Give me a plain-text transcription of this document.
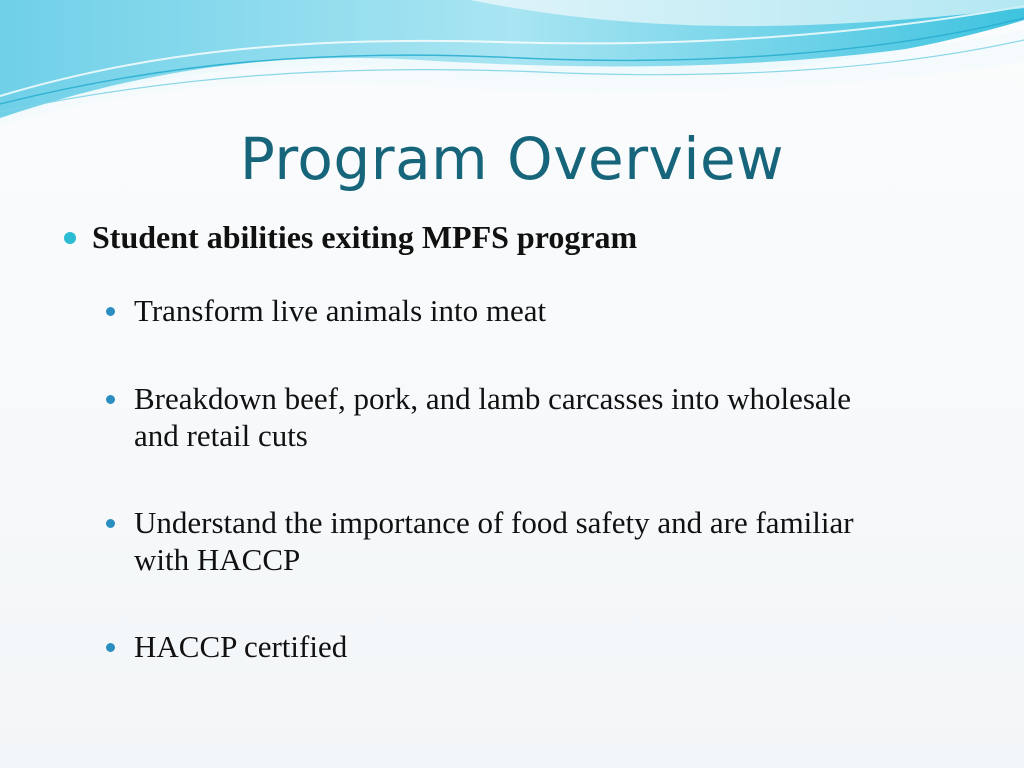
Program Overview
Student abilities exiting MPFS program
Transform live animals into meat
Breakdown beef, pork, and lamb carcasses into wholesale and retail cuts
Understand the importance of food safety and are familiar with HACCP
HACCP certified
